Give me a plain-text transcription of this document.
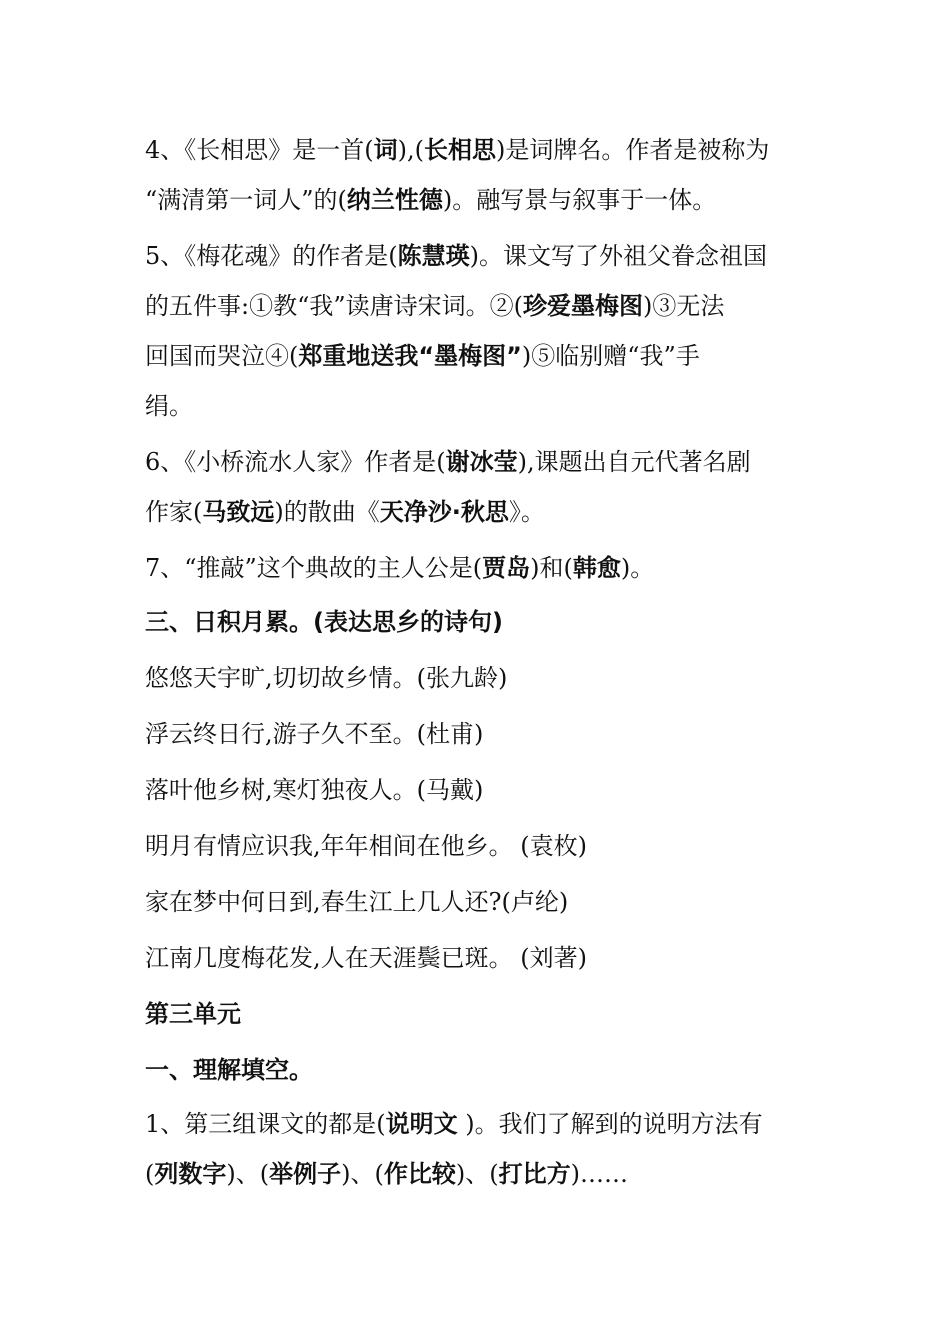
4、《长相思》是一首(词),(长相思)是词牌名。作者是被称为
“满清第一词人”的(纳兰性德)。融写景与叙事于一体。
5、《梅花魂》的作者是(陈慧瑛)。课文写了外祖父眷念祖国
的五件事:①教“我”读唐诗宋词。②(珍爱墨梅图)③无法
回国而哭泣④(郑重地送我“墨梅图”)⑤临别赠“我”手
绢。
6、《小桥流水人家》作者是(谢冰莹),课题出自元代著名剧
作家(马致远)的散曲《天净沙·秋思》。
7、“推敲”这个典故的主人公是(贾岛)和(韩愈)。
三、日积月累。(表达思乡的诗句)
悠悠天宇旷,切切故乡情。(张九龄)
浮云终日行,游子久不至。(杜甫)
落叶他乡树,寒灯独夜人。(马戴)
明月有情应识我,年年相间在他乡。 (袁枚)
家在梦中何日到,春生江上几人还?(卢纶)
江南几度梅花发,人在天涯鬓已斑。 (刘著)
第三单元
一、理解填空。
1、第三组课文的都是(说明文 )。我们了解到的说明方法有
(列数字)、(举例子)、(作比较)、(打比方)……
